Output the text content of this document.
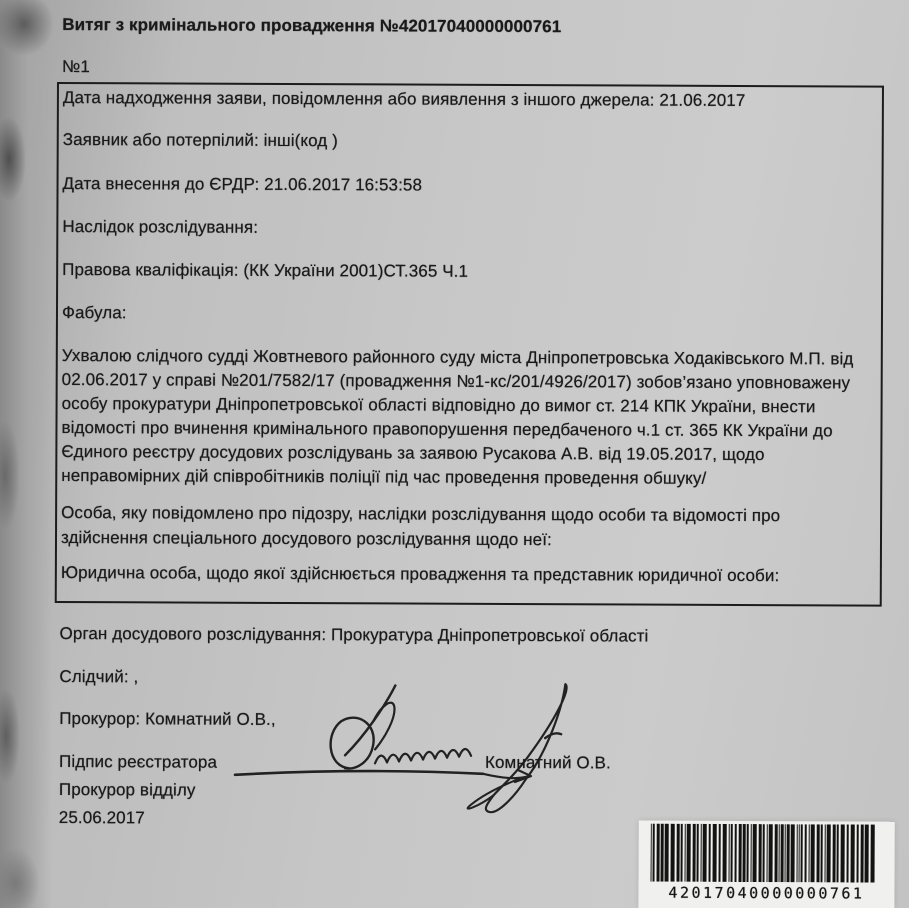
Витяг з кримінального провадження №42017040000000761
№1
Дата надходження заяви, повідомлення або виявлення з іншого джерела: 21.06.2017
Заявник або потерпілий: інші(код )
Дата внесення до ЄРДР: 21.06.2017 16:53:58
Наслідок розслідування:
Правова кваліфікація: (КК України 2001)СТ.365 Ч.1
Фабула:
Ухвалою слідчого судді Жовтневого районного суду міста Дніпропетровська Ходаківського М.П. від 02.06.2017 у справі №201/7582/17 (провадження №1-кс/201/4926/2017) зобов’язано уповноважену особу прокуратури Дніпропетровської області відповідно до вимог ст. 214 КПК України, внести відомості про вчинення кримінального правопорушення передбаченого ч.1 ст. 365 КК України до Єдиного реєстру досудових розслідувань за заявою Русакова А.В. від 19.05.2017, щодо неправомірних дій співробітників поліції під час проведення проведення обшуку/
Особа, яку повідомлено про підозру, наслідки розслідування щодо особи та відомості про здійснення спеціального досудового розслідування щодо неї:
Юридична особа, щодо якої здійснюється провадження та представник юридичної особи:
Орган досудового розслідування: Прокуратура Дніпропетровської області
Слідчий: ,
Прокурор: Комнатний О.В.,
Підпис реєстратора	Комнатний О.В.
Прокурор відділу
25.06.2017
42017040000000761
